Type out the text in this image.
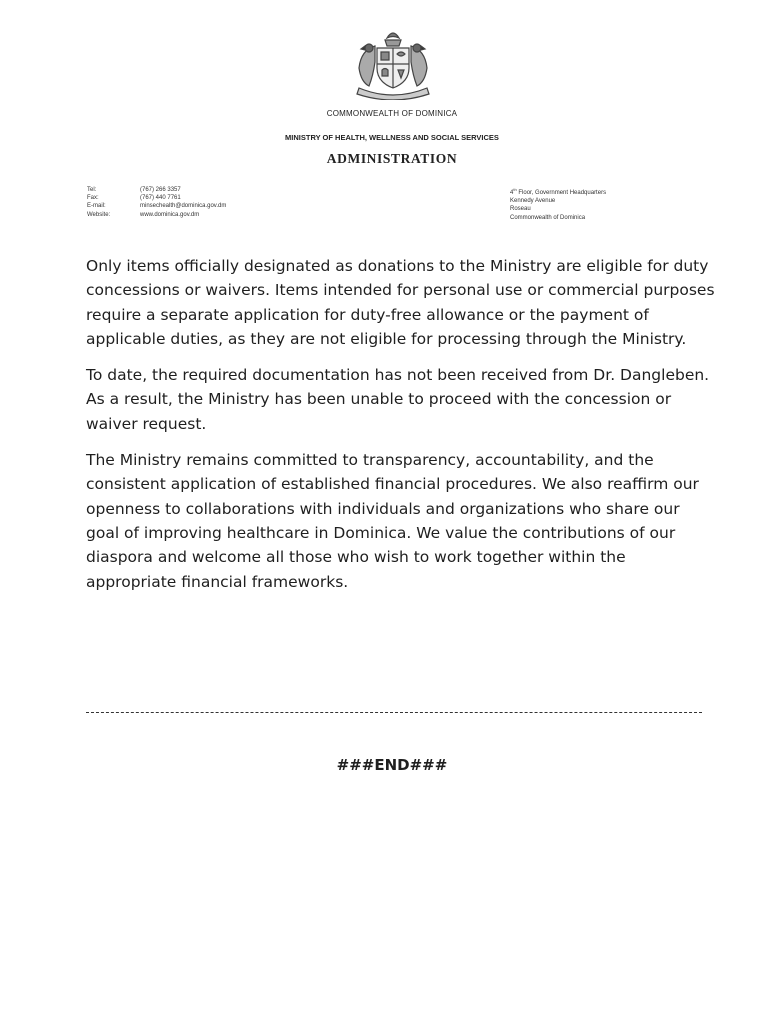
COMMONWEALTH OF DOMINICA
MINISTRY OF HEALTH, WELLNESS AND SOCIAL SERVICES
ADMINISTRATION
Tel:	(767) 266 3357
Fax:	(767) 440 7761
E-mail:	minsechealth@dominica.gov.dm
Website:	www.dominica.gov.dm
4th Floor, Government Headquarters
Kennedy Avenue
Roseau
Commonwealth of Dominica

Only items officially designated as donations to the Ministry are eligible for duty concessions or waivers. Items intended for personal use or commercial purposes require a separate application for duty-free allowance or the payment of applicable duties, as they are not eligible for processing through the Ministry.

To date, the required documentation has not been received from Dr. Dangleben. As a result, the Ministry has been unable to proceed with the concession or waiver request.

The Ministry remains committed to transparency, accountability, and the consistent application of established financial procedures. We also reaffirm our openness to collaborations with individuals and organizations who share our goal of improving healthcare in Dominica. We value the contributions of our diaspora and welcome all those who wish to work together within the appropriate financial frameworks.

###END###
